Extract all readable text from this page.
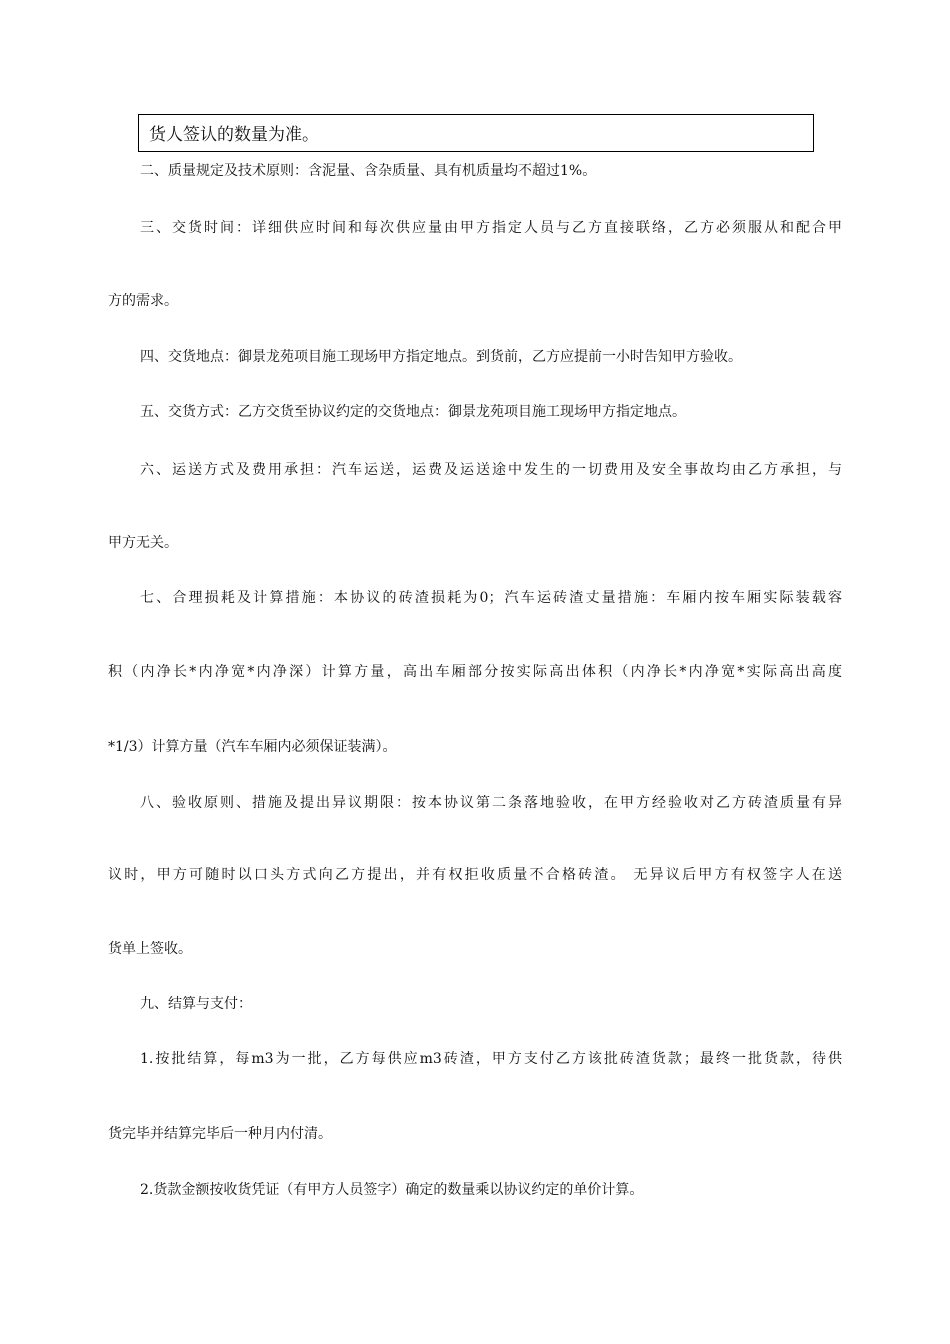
货人签认的数量为准。
二、质量规定及技术原则：含泥量、含杂质量、具有机质量均不超过1%。
三、交货时间：详细供应时间和每次供应量由甲方指定人员与乙方直接联络，乙方必须服从和配合甲
方的需求。
四、交货地点：御景龙苑项目施工现场甲方指定地点。到货前，乙方应提前一小时告知甲方验收。
五、交货方式：乙方交货至协议约定的交货地点：御景龙苑项目施工现场甲方指定地点。
六、运送方式及费用承担：汽车运送，运费及运送途中发生的一切费用及安全事故均由乙方承担，与
甲方无关。
七、合理损耗及计算措施：本协议的砖渣损耗为0；汽车运砖渣丈量措施：车厢内按车厢实际装载容
积（内净长*内净宽*内净深）计算方量，高出车厢部分按实际高出体积（内净长*内净宽*实际高出高度
*1/3）计算方量（汽车车厢内必须保证装满）。
八、验收原则、措施及提出异议期限：按本协议第二条落地验收，在甲方经验收对乙方砖渣质量有异
议时，甲方可随时以口头方式向乙方提出，并有权拒收质量不合格砖渣。 无异议后甲方有权签字人在送
货单上签收。
九、结算与支付：
1.按批结算，每m3为一批，乙方每供应m3砖渣，甲方支付乙方该批砖渣货款；最终一批货款，待供
货完毕并结算完毕后一种月内付清。
2.货款金额按收货凭证（有甲方人员签字）确定的数量乘以协议约定的单价计算。
